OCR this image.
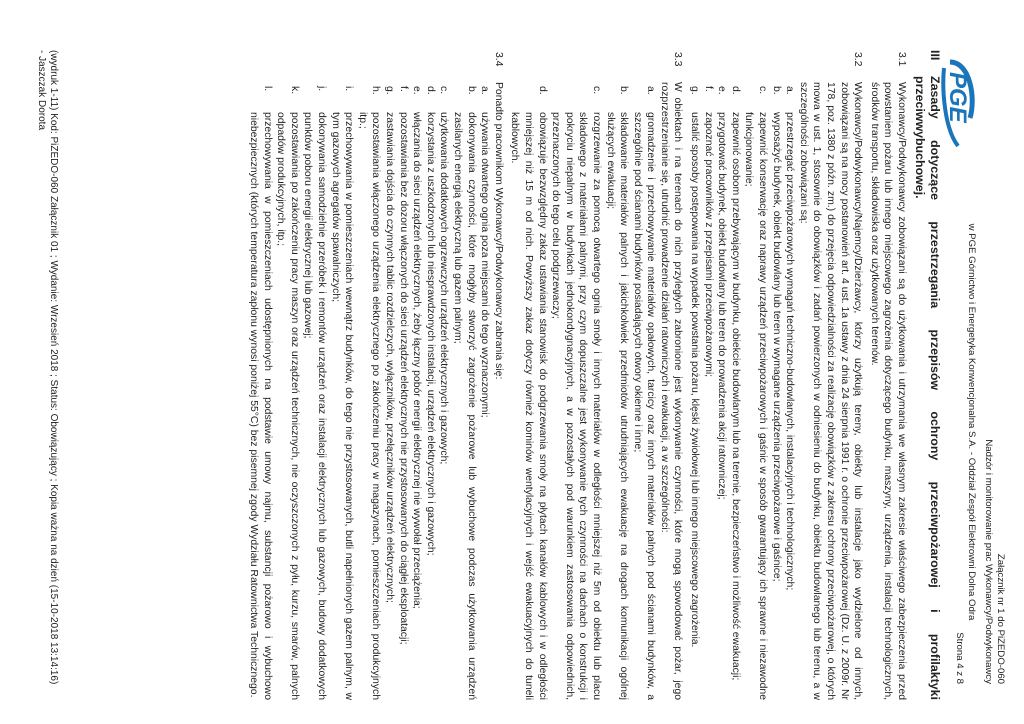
PGE
Załącznik nr 1 do PiZEDO-060
Nadzór i monitorowanie prac Wykonawcy/Podwykonawcy
w PGE Górnictwo i Energetyka Konwencjonalna S.A. - Oddział Zespół Elektrowni Dolna Odra
Strona 4 z 8
III
Zasady dotyczące przestrzegania przepisów ochrony przeciwpożarowej i profilaktyki przeciwwybuchowej.
3.1
Wykonawcy/Podwykonawcy zobowiązani są do użytkowania i utrzymania we własnym zakresie właściwego zabezpieczenia przed powstaniem pożaru lub innego miejscowego zagrożenia dotyczącego budynku, maszyny, urządzenia, instalacji technologicznych, środków transportu, składowiska oraz użytkowanych terenów.
3.2
Wykonawcy/Podwykonawcy/Najemcy/Dzierżawcy, którzy użytkują tereny, obiekty lub instalacje jako wydzielone od innych, zobowiązani są na mocy postanowień art. 4 ust. 1a ustawy z dnia 24 sierpnia 1991 r. o ochronie przeciwpożarowej (Dz. U. z 2009r. Nr 178, poz. 1380 z późn. zm.) do przejęcia odpowiedzialności za realizację obowiązków z zakresu ochrony przeciwpożarowej, o których mowa w ust. 1, stosownie do obowiązków i zadań powierzonych w odniesieniu do budynku, obiektu budowlanego lub terenu, a w szczególności zobowiązani są:
a.
przestrzegać przeciwpożarowych wymagań techniczno-budowlanych, instalacyjnych i technologicznych;
b.
wyposażyć budynek, obiekt budowlany lub teren w wymagane urządzenia przeciwpożarowe i gaśnice;
c.
zapewnić konserwację oraz naprawy urządzeń przeciwpożarowych i gaśnic w sposób gwarantujący ich sprawne i niezawodne funkcjonowanie;
d.
zapewnić osobom przebywającym w budynku, obiekcie budowlanym lub na terenie, bezpieczeństwo i możliwość ewakuacji;
e.
przygotować budynek, obiekt budowlany lub teren do prowadzenia akcji ratowniczej;
f.
zapoznać pracowników z przepisami przeciwpożarowymi;
g.
ustalić sposoby postępowania na wypadek powstania pożaru, klęski żywiołowej lub innego miejscowego zagrożenia.
3.3
W obiektach i na terenach do nich przyległych zabronione jest wykonywanie czynności, które mogą spowodować pożar, jego rozprzestrzenianie się, utrudnić prowadzenie działań ratowniczych i ewakuacji, a w szczególności:
a.
gromadzenie i przechowywanie materiałów opałowych, tarcicy oraz innych materiałów palnych pod ścianami budynków, a szczególnie pod ścianami budynków posiadających otwory okienne i inne;
b.
składowanie materiałów palnych i jakichkolwiek przedmiotów utrudniających ewakuację na drogach komunikacji ogólnej służących ewakuacji;
c.
rozgrzewanie za pomocą otwartego ognia smoły i innych materiałów w odległości mniejszej niż 5m od obiektu lub placu składowego z materiałami palnymi, przy czym dopuszczalne jest wykonywanie tych czynności na dachach o konstrukcji i pokryciu niepalnym w budynkach jednokondygnacyjnych, a w pozostałych pod warunkiem zastosowania odpowiednich, przeznaczonych do tego celu podgrzewaczy;
d.
obowiązuje bezwzględny zakaz ustawiania stanowisk do podgrzewania smoły na płytach kanałów kablowych i w odległości mniejszej niż 15 m od nich. Powyższy zakaz dotyczy również kominów wentylacyjnych i wejść ewakuacyjnych do tuneli kablowych.
3.4
Ponadto pracownikom Wykonawcy/Podwykonawcy zabrania się:
a.
używania otwartego ognia poza miejscami do tego wyznaczonymi;
b.
dokonywania czynności, które mogłyby stworzyć zagrożenie pożarowe lub wybuchowe podczas użytkowania urządzeń zasilanych energią elektryczną lub gazem palnym;
c.
użytkowania dodatkowych ogrzewczych urządzeń elektrycznych i gazowych;
d.
korzystania z uszkodzonych lub niesprawdzonych instalacji, urządzeń elektrycznych i gazowych;
e.
włączania do sieci urządzeń elektrycznych, żeby łączny pobór energii elektrycznej nie wywołał przeciążenia;
f.
pozostawiania bez dozoru włączonych do sieci urządzeń elektrycznych nie przystosowanych do ciągłej eksploatacji;
g.
zastawiania dojścia do czynnych tablic rozdzielczych, wyłączników, przełączników urządzeń elektrycznych;
h.
pozostawiania włączonego urządzenia elektrycznego po zakończeniu pracy w magazynach, pomieszczeniach produkcyjnych itp.;
i.
przechowywania w pomieszczeniach wewnątrz budynków, do tego nie przystosowanych, butli napełnionych gazem palnym, w tym gazowych agregatów spawalniczych;
j.
dokonywania samodzielnie przeróbek i remontów urządzeń oraz instalacji elektrycznych lub gazowych, budowy dodatkowych punktów poboru energii elektrycznej lub gazowej;
k.
pozostawiania po zakończeniu pracy maszyn oraz urządzeń technicznych, nie oczyszczonych z pyłu, kurzu, smarów, palnych odpadów produkcyjnych, itp.;
l.
przechowywania w pomieszczeniach udostępnionych na podstawie umowy najmu, substancji pożarowo i wybuchowo niebezpiecznych (których temperatura zapłonu wynosi poniżej 55°C) bez pisemnej zgody Wydziału Ratownictwa Technicznego.
(wydruk 1-11) Kod: PiZEDO-060 Załącznik 01 ; Wydanie: Wrzesień 2018 ; Status: Obowiązujący ; Kopia ważna na dzień (15-10-2018 13:14:16) - Jaszczak Dorota
